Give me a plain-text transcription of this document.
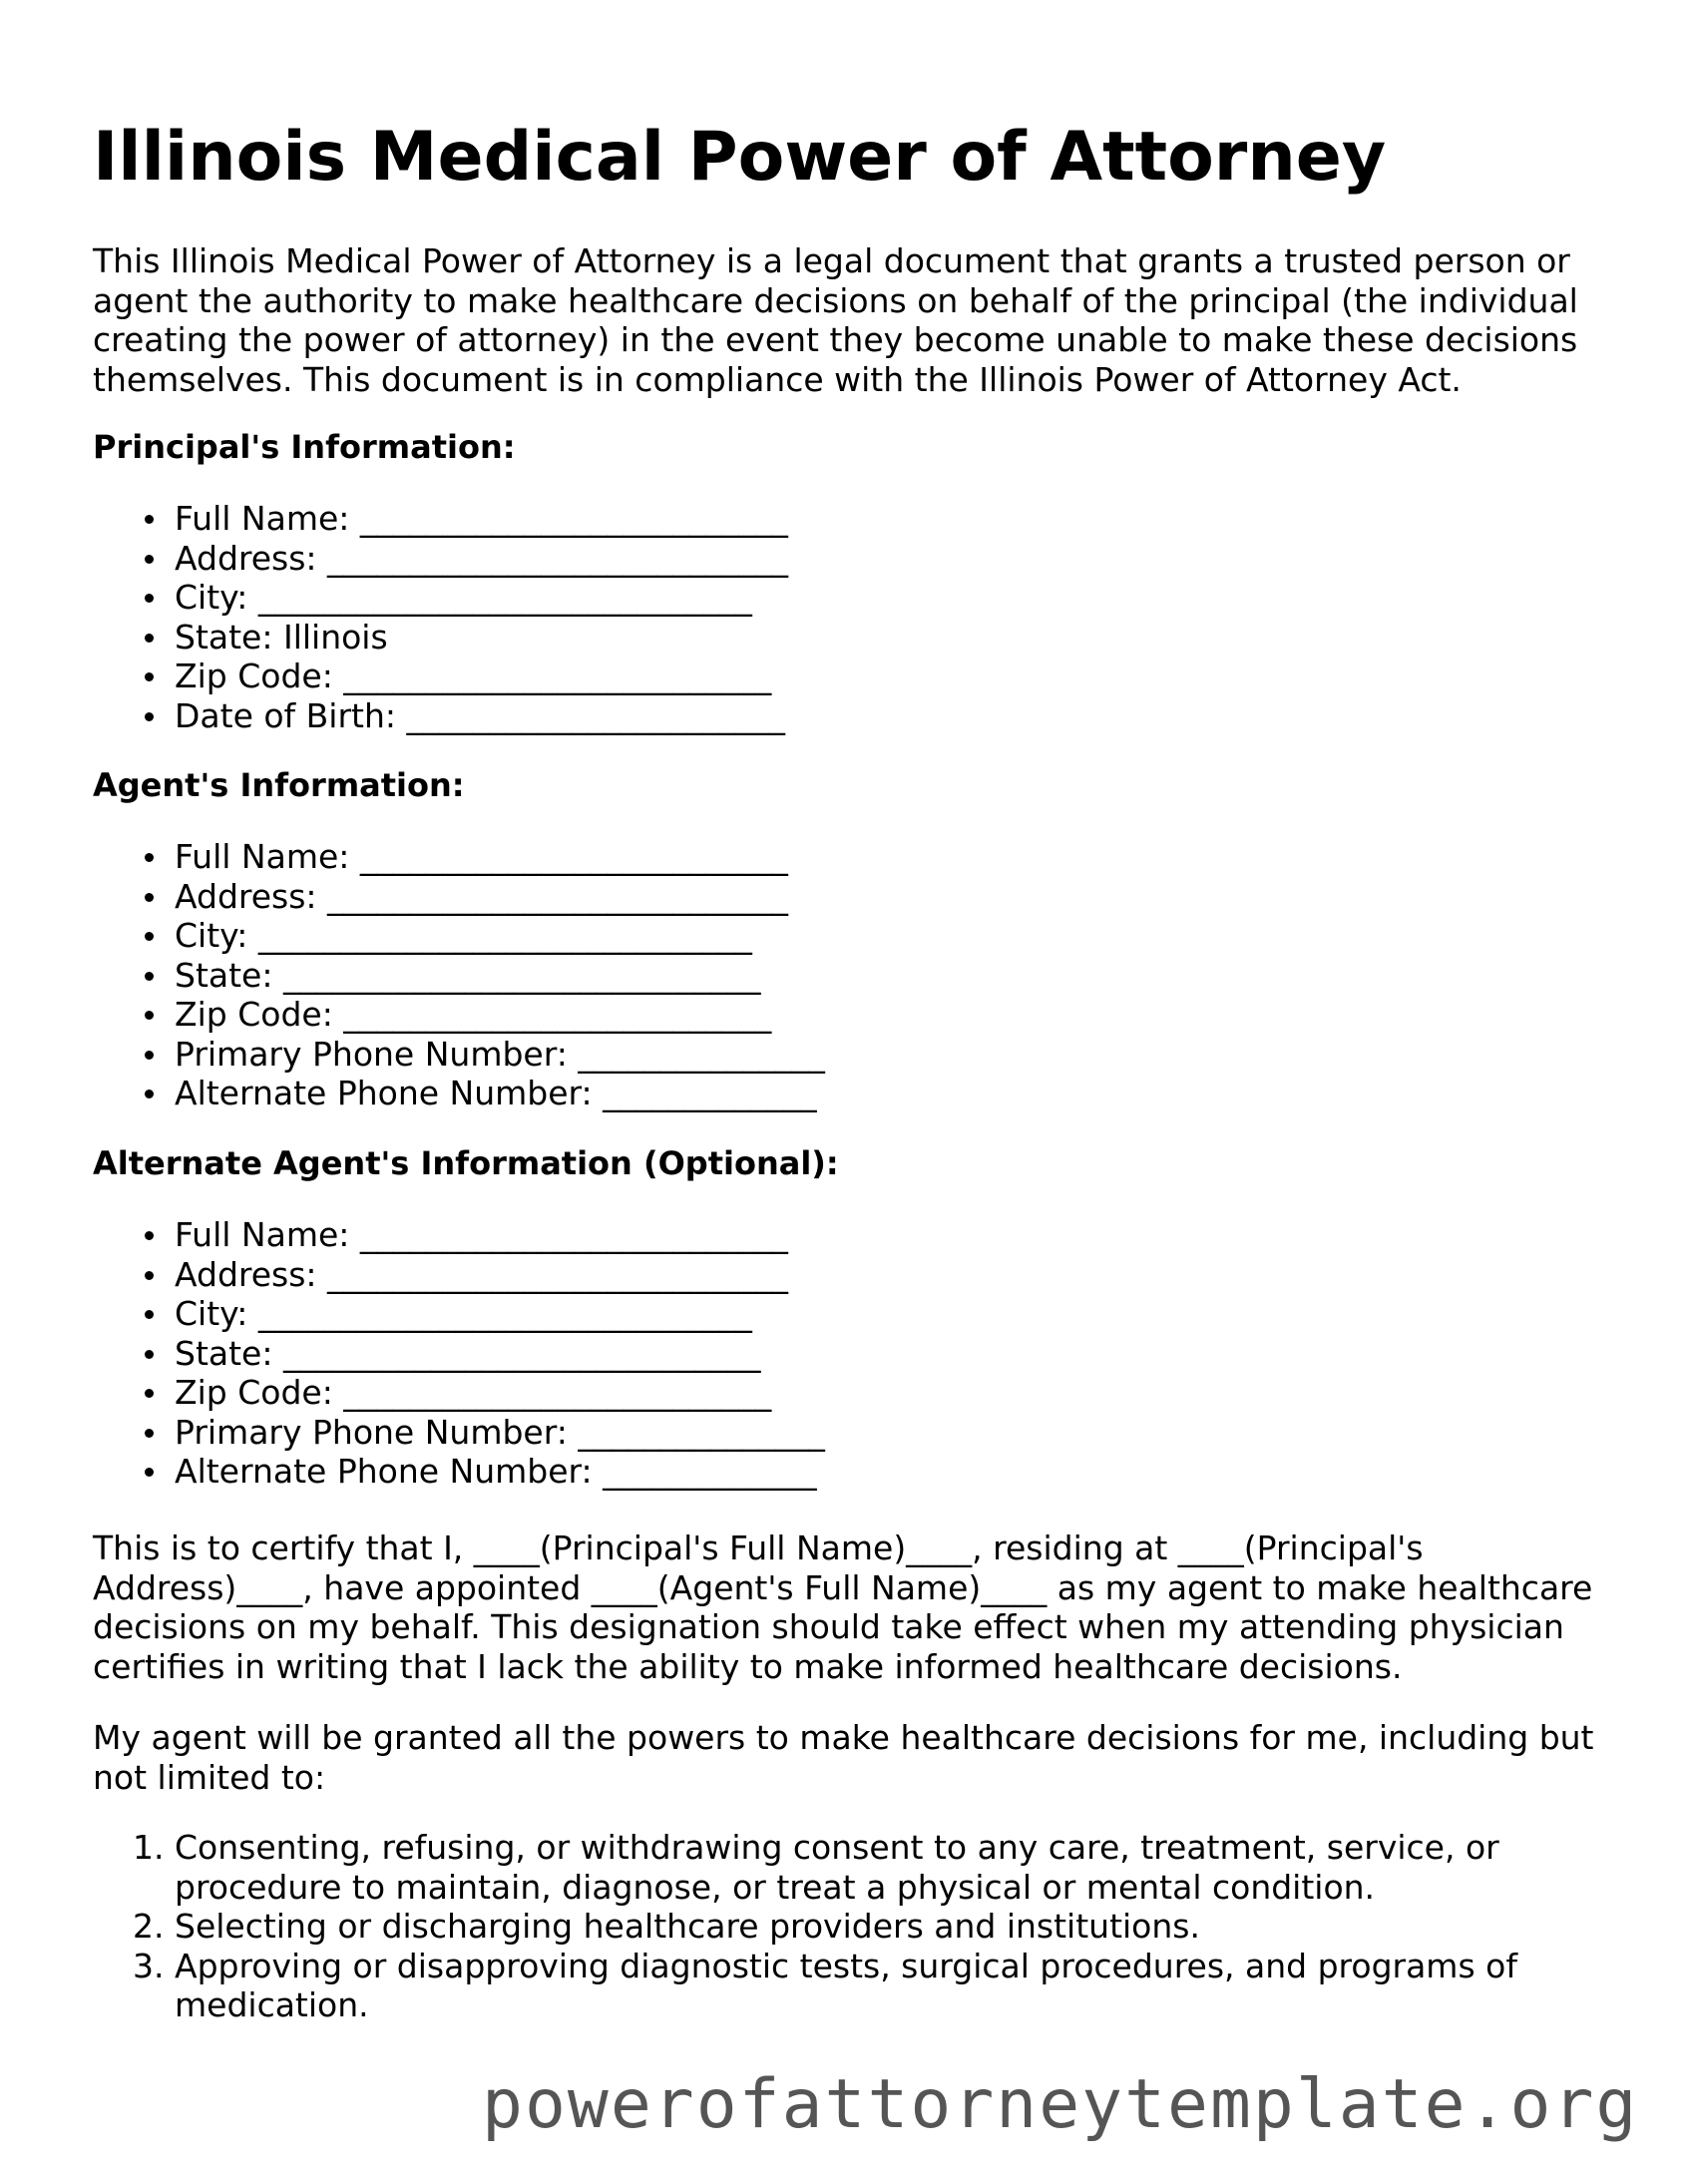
Illinois Medical Power of Attorney

This Illinois Medical Power of Attorney is a legal document that grants a trusted person or agent the authority to make healthcare decisions on behalf of the principal (the individual creating the power of attorney) in the event they become unable to make these decisions themselves. This document is in compliance with the Illinois Power of Attorney Act.

Principal's Information:
Full Name: __________________________
Address: ____________________________
City: ______________________________
State: Illinois
Zip Code: __________________________
Date of Birth: _______________________
Agent's Information:
Full Name: __________________________
Address: ____________________________
City: ______________________________
State: _____________________________
Zip Code: __________________________
Primary Phone Number: _______________
Alternate Phone Number: _____________
Alternate Agent's Information (Optional):
Full Name: __________________________
Address: ____________________________
City: ______________________________
State: _____________________________
Zip Code: __________________________
Primary Phone Number: _______________
Alternate Phone Number: _____________

This is to certify that I, ____(Principal's Full Name)____, residing at ____(Principal's Address)____, have appointed ____(Agent's Full Name)____ as my agent to make healthcare decisions on my behalf. This designation should take effect when my attending physician certifies in writing that I lack the ability to make informed healthcare decisions.

My agent will be granted all the powers to make healthcare decisions for me, including but not limited to:

1. Consenting, refusing, or withdrawing consent to any care, treatment, service, or procedure to maintain, diagnose, or treat a physical or mental condition.
2. Selecting or discharging healthcare providers and institutions.
3. Approving or disapproving diagnostic tests, surgical procedures, and programs of medication.
powerofattorneytemplate.org
